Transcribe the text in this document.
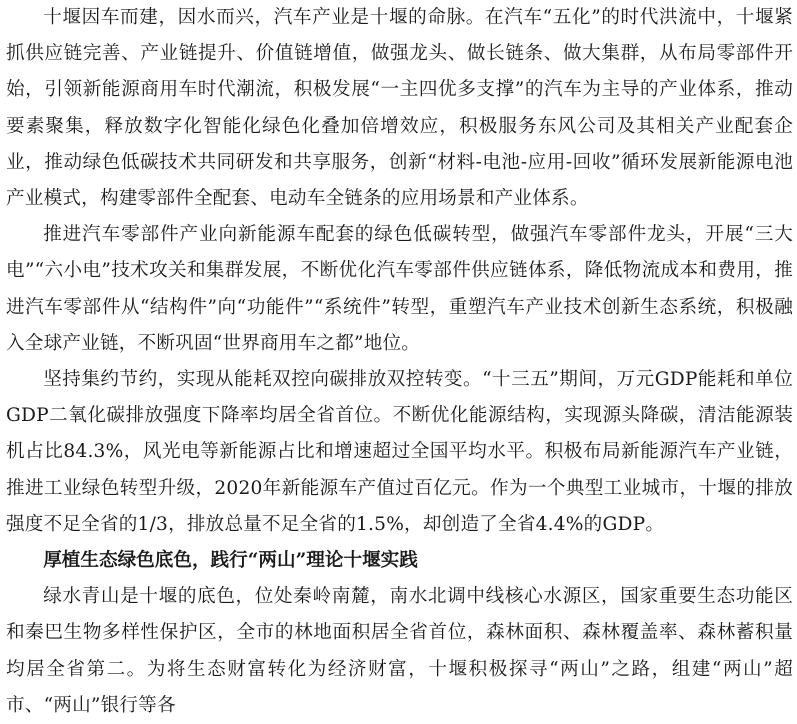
十堰因车而建，因水而兴，汽车产业是十堰的命脉。在汽车“五化”的时代洪流中，十堰紧抓供应链完善、产业链提升、价值链增值，做强龙头、做长链条、做大集群，从布局零部件开始，引领新能源商用车时代潮流，积极发展“一主四优多支撑”的汽车为主导的产业体系，推动要素聚集，释放数字化智能化绿色化叠加倍增效应，积极服务东风公司及其相关产业配套企业，推动绿色低碳技术共同研发和共享服务，创新“材料-电池-应用-回收”循环发展新能源电池产业模式，构建零部件全配套、电动车全链条的应用场景和产业体系。

推进汽车零部件产业向新能源车配套的绿色低碳转型，做强汽车零部件龙头，开展“三大电”“六小电”技术攻关和集群发展，不断优化汽车零部件供应链体系，降低物流成本和费用，推进汽车零部件从“结构件”向“功能件”“系统件”转型，重塑汽车产业技术创新生态系统，积极融入全球产业链，不断巩固“世界商用车之都”地位。

坚持集约节约，实现从能耗双控向碳排放双控转变。“十三五”期间，万元GDP能耗和单位GDP二氧化碳排放强度下降率均居全省首位。不断优化能源结构，实现源头降碳，清洁能源装机占比84.3%，风光电等新能源占比和增速超过全国平均水平。积极布局新能源汽车产业链，推进工业绿色转型升级，2020年新能源车产值过百亿元。作为一个典型工业城市，十堰的排放强度不足全省的1/3，排放总量不足全省的1.5%，却创造了全省4.4%的GDP。

厚植生态绿色底色，践行“两山”理论十堰实践

绿水青山是十堰的底色，位处秦岭南麓，南水北调中线核心水源区，国家重要生态功能区和秦巴生物多样性保护区，全市的林地面积居全省首位，森林面积、森林覆盖率、森林蓄积量均居全省第二。为将生态财富转化为经济财富，十堰积极探寻“两山”之路，组建“两山”超市、“两山”银行等各
